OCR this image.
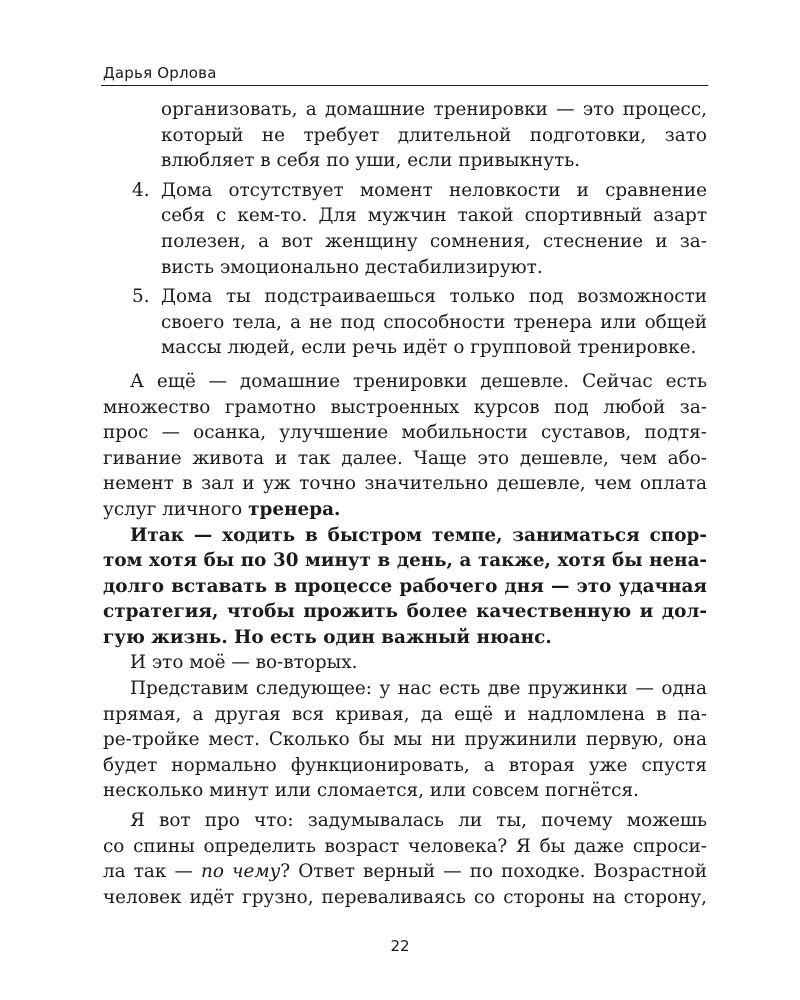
Дарья Орлова
организовать, а домашние тренировки — это процесс,
который не требует длительной подготовки, зато
влюбляет в себя по уши, если привыкнуть.
4. Дома отсутствует момент неловкости и сравнение
себя с кем-то. Для мужчин такой спортивный азарт
полезен, а вот женщину сомнения, стеснение и за-
висть эмоционально дестабилизируют.
5. Дома ты подстраиваешься только под возможности
своего тела, а не под способности тренера или общей
массы людей, если речь идёт о групповой тренировке.
А ещё — домашние тренировки дешевле. Сейчас есть
множество грамотно выстроенных курсов под любой за-
прос — осанка, улучшение мобильности суставов, подтя-
гивание живота и так далее. Чаще это дешевле, чем або-
немент в зал и уж точно значительно дешевле, чем оплата
услуг личного тренера.
Итак — ходить в быстром темпе, заниматься спор-
том хотя бы по 30 минут в день, а также, хотя бы нена-
долго вставать в процессе рабочего дня — это удачная
стратегия, чтобы прожить более качественную и дол-
гую жизнь. Но есть один важный нюанс.
И это моё — во-вторых.
Представим следующее: у нас есть две пружинки — одна
прямая, а другая вся кривая, да ещё и надломлена в па-
ре-тройке мест. Сколько бы мы ни пружинили первую, она
будет нормально функционировать, а вторая уже спустя
несколько минут или сломается, или совсем погнётся.
Я вот про что: задумывалась ли ты, почему можешь
со спины определить возраст человека? Я бы даже спроси-
ла так — по чему? Ответ верный — по походке. Возрастной
человек идёт грузно, переваливаясь со стороны на сторону,
22
